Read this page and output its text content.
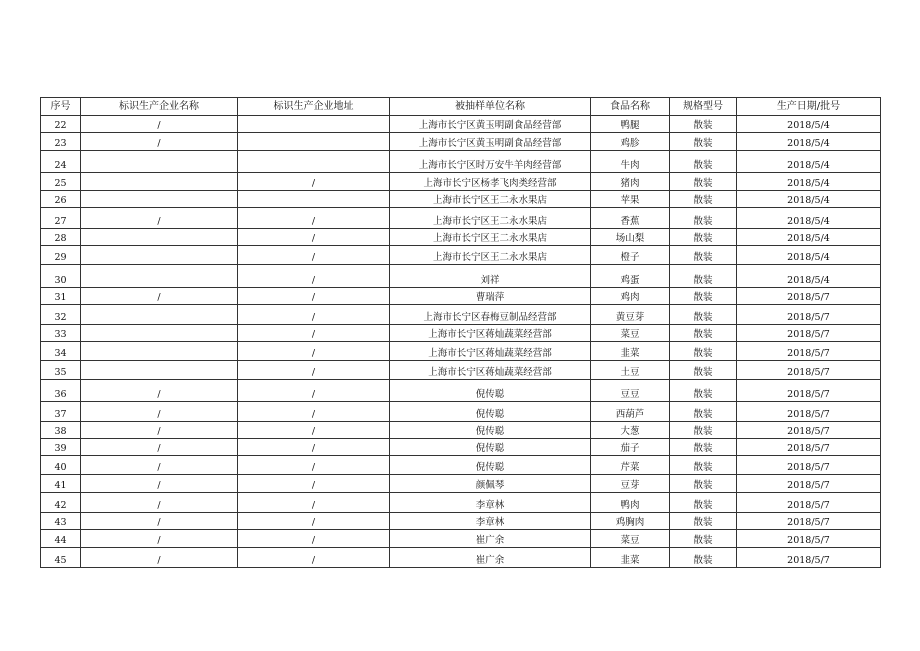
序号	标识生产企业名称	标识生产企业地址	被抽样单位名称	食品名称	规格型号	生产日期/批号
22	/		上海市长宁区黄玉明副食品经营部	鸭腿	散装	2018/5/4
23	/		上海市长宁区黄玉明副食品经营部	鸡胗	散装	2018/5/4
24			上海市长宁区时万安牛羊肉经营部	牛肉	散装	2018/5/4
25		/	上海市长宁区杨孝飞肉类经营部	猪肉	散装	2018/5/4
26			上海市长宁区王二永水果店	苹果	散装	2018/5/4
27	/	/	上海市长宁区王二永水果店	香蕉	散装	2018/5/4
28		/	上海市长宁区王二永水果店	场山梨	散装	2018/5/4
29		/	上海市长宁区王二永水果店	橙子	散装	2018/5/4
30		/	刘祥	鸡蛋	散装	2018/5/4
31	/	/	曹瑞萍	鸡肉	散装	2018/5/7
32		/	上海市长宁区春梅豆制品经营部	黄豆芽	散装	2018/5/7
33		/	上海市长宁区蒋灿蔬菜经营部	菜豆	散装	2018/5/7
34		/	上海市长宁区蒋灿蔬菜经营部	韭菜	散装	2018/5/7
35		/	上海市长宁区蒋灿蔬菜经营部	土豆	散装	2018/5/7
36	/	/	倪传聪	豆豆	散装	2018/5/7
37	/	/	倪传聪	西葫芦	散装	2018/5/7
38	/	/	倪传聪	大葱	散装	2018/5/7
39	/	/	倪传聪	茄子	散装	2018/5/7
40	/	/	倪传聪	芹菜	散装	2018/5/7
41	/	/	颜佩琴	豆芽	散装	2018/5/7
42	/	/	李章林	鸭肉	散装	2018/5/7
43	/	/	李章林	鸡胸肉	散装	2018/5/7
44	/	/	崔广余	菜豆	散装	2018/5/7
45	/	/	崔广余	韭菜	散装	2018/5/7
